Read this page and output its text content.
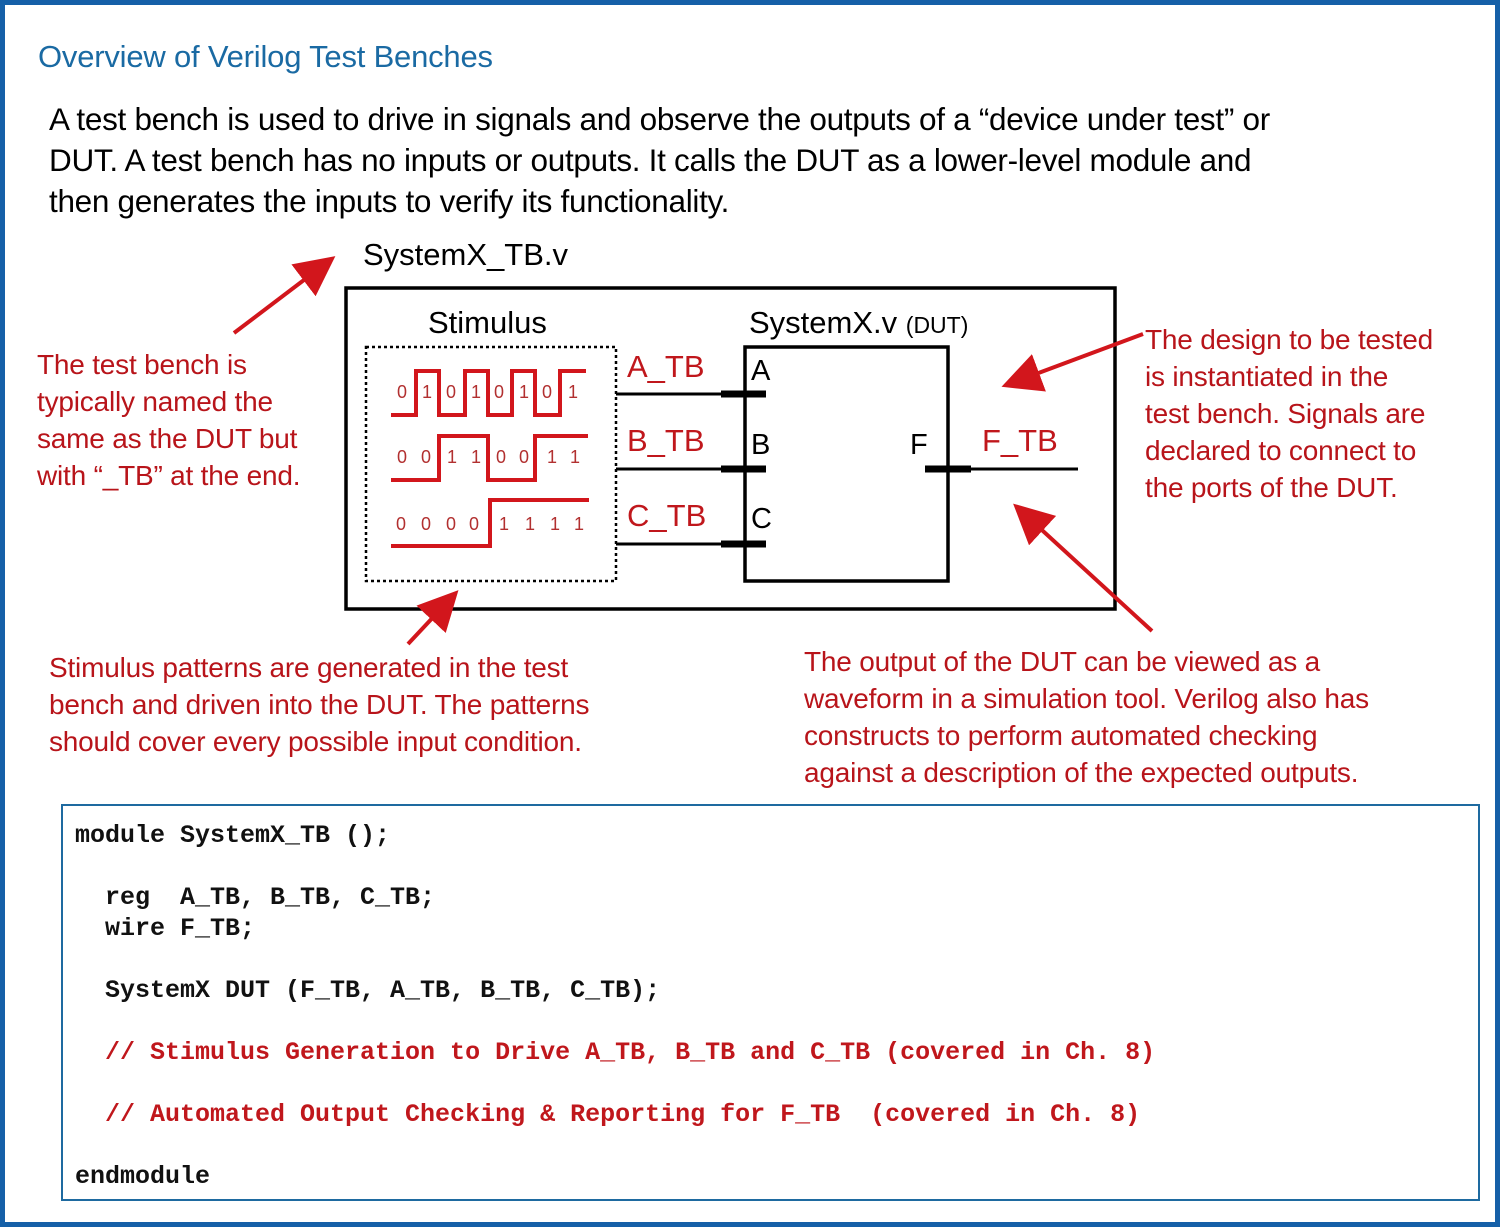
Overview of Verilog Test Benches
A test bench is used to drive in signals and observe the outputs of a “device under test” or
DUT. A test bench has no inputs or outputs. It calls the DUT as a lower-level module and
then generates the inputs to verify its functionality.
SystemX_TB.v
Stimulus	SystemX.v (DUT)
A_TB
B_TB
C_TB
F_TB
A
B
C
F
0 1 0 1 0 1 0 1
0 0 1 1 0 0 1 1
0 0 0 0 1 1 1 1
The test bench is
typically named the
same as the DUT but
with “_TB” at the end.
The design to be tested
is instantiated in the
test bench. Signals are
declared to connect to
the ports of the DUT.
Stimulus patterns are generated in the test
bench and driven into the DUT. The patterns
should cover every possible input condition.
The output of the DUT can be viewed as a
waveform in a simulation tool. Verilog also has
constructs to perform automated checking
against a description of the expected outputs.
module SystemX_TB ();

reg  A_TB, B_TB, C_TB;
wire F_TB;

SystemX DUT (F_TB, A_TB, B_TB, C_TB);

// Stimulus Generation to Drive A_TB, B_TB and C_TB (covered in Ch. 8)

// Automated Output Checking & Reporting for F_TB  (covered in Ch. 8)

endmodule
